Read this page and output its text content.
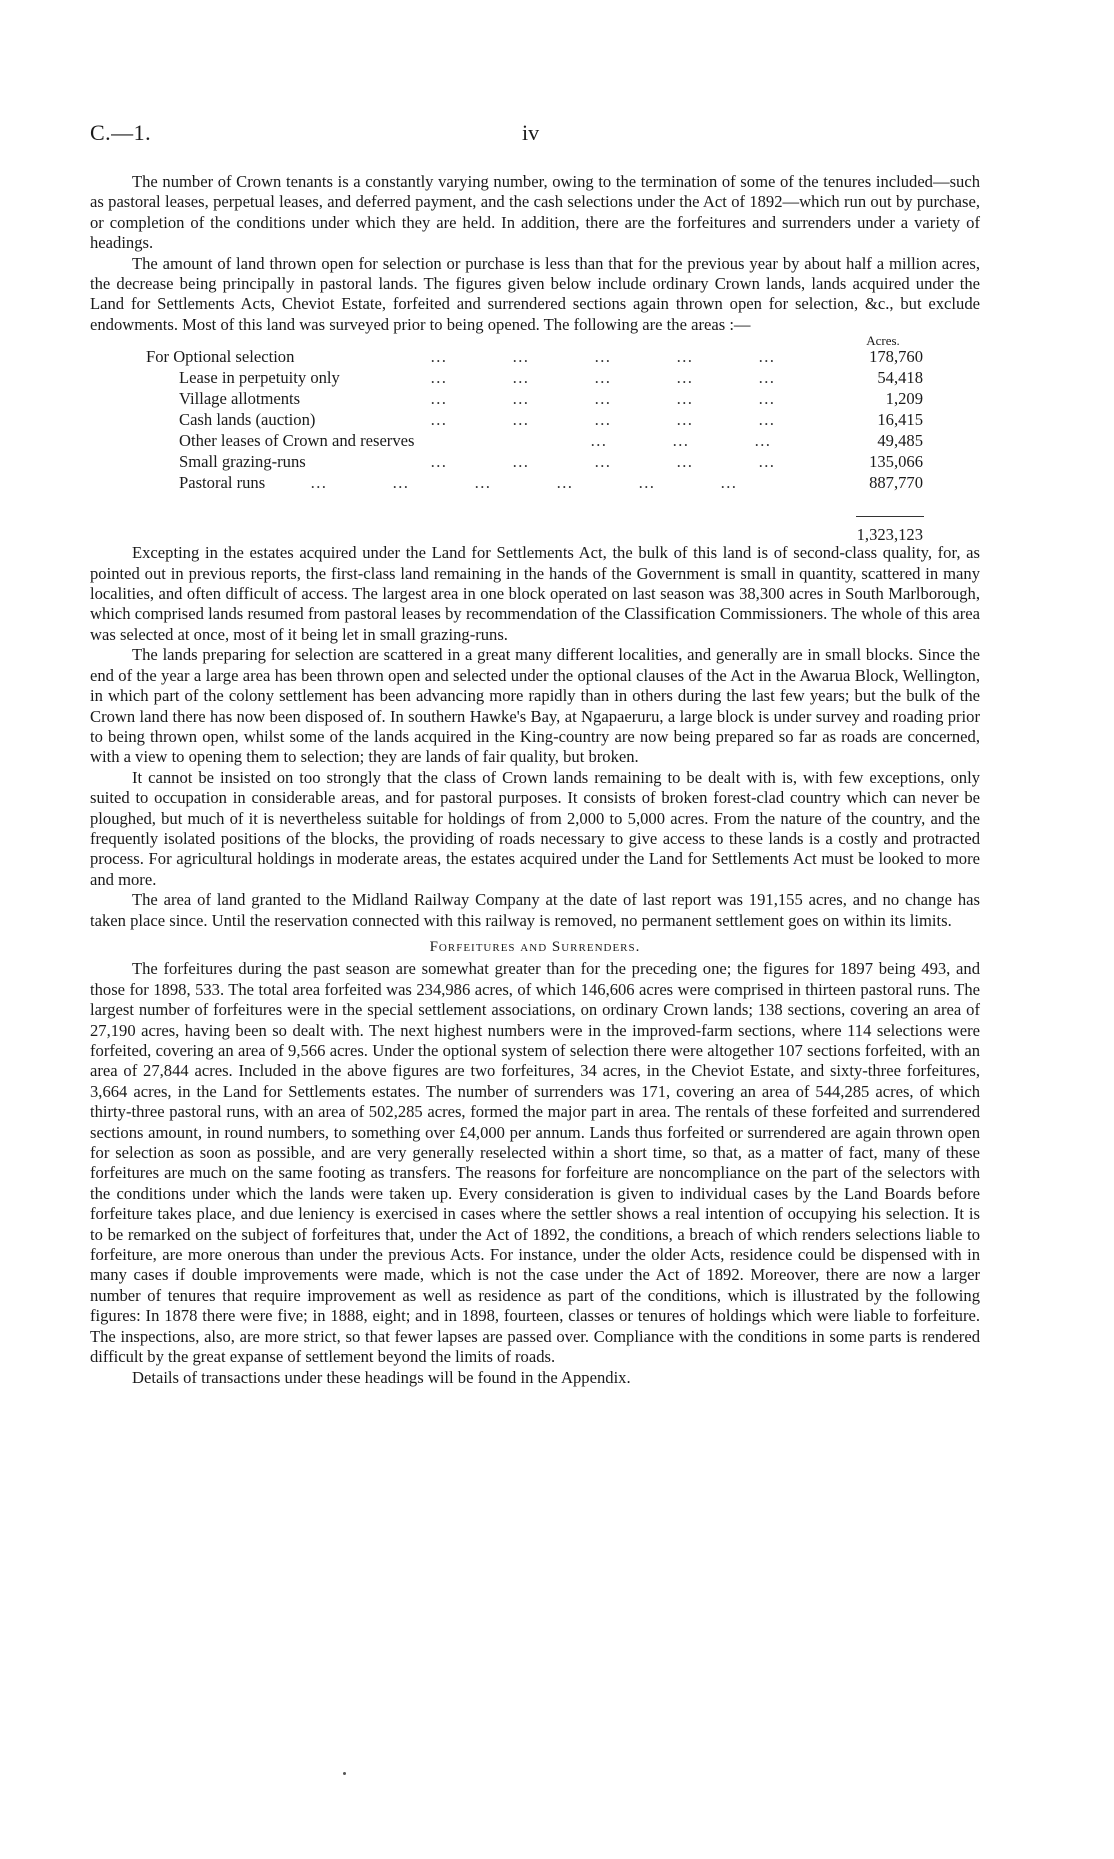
C.—1.	iv

The number of Crown tenants is a constantly varying number, owing to the termination of some of the tenures included—such as pastoral leases, perpetual leases, and deferred payment, and the cash selections under the Act of 1892—which run out by purchase, or completion of the conditions under which they are held. In addition, there are the forfeitures and surrenders under a variety of headings.

The amount of land thrown open for selection or purchase is less than that for the previous year by about half a million acres, the decrease being principally in pastoral lands. The figures given below include ordinary Crown lands, lands acquired under the Land for Settlements Acts, Cheviot Estate, forfeited and surrendered sections again thrown open for selection, &c., but exclude endowments. Most of this land was surveyed prior to being opened. The following are the areas :—

Acres.
For Optional selection	…	…	…	…	…	178,760
Lease in perpetuity only	…	…	…	…	…	54,418
Village allotments	…	…	…	…	…	1,209
Cash lands (auction)	…	…	…	…	…	16,415
Other leases of Crown and reserves	…	…	…	49,485
Small grazing-runs	…	…	…	…	…	135,066
Pastoral runs	…	…	…	…	…	…	887,770
1,323,123

Excepting in the estates acquired under the Land for Settlements Act, the bulk of this land is of second-class quality, for, as pointed out in previous reports, the first-class land remaining in the hands of the Government is small in quantity, scattered in many localities, and often difficult of access. The largest area in one block operated on last season was 38,300 acres in South Marlborough, which comprised lands resumed from pastoral leases by recommendation of the Classification Commissioners. The whole of this area was selected at once, most of it being let in small grazing-runs.

The lands preparing for selection are scattered in a great many different localities, and generally are in small blocks. Since the end of the year a large area has been thrown open and selected under the optional clauses of the Act in the Awarua Block, Wellington, in which part of the colony settlement has been advancing more rapidly than in others during the last few years; but the bulk of the Crown land there has now been disposed of. In southern Hawke's Bay, at Ngapaeruru, a large block is under survey and roading prior to being thrown open, whilst some of the lands acquired in the King-country are now being prepared so far as roads are concerned, with a view to opening them to selection; they are lands of fair quality, but broken.

It cannot be insisted on too strongly that the class of Crown lands remaining to be dealt with is, with few exceptions, only suited to occupation in considerable areas, and for pastoral purposes. It consists of broken forest-clad country which can never be ploughed, but much of it is nevertheless suitable for holdings of from 2,000 to 5,000 acres. From the nature of the country, and the frequently isolated positions of the blocks, the providing of roads necessary to give access to these lands is a costly and protracted process. For agricultural holdings in moderate areas, the estates acquired under the Land for Settlements Act must be looked to more and more.

The area of land granted to the Midland Railway Company at the date of last report was 191,155 acres, and no change has taken place since. Until the reservation connected with this railway is removed, no permanent settlement goes on within its limits.

Forfeitures and Surrenders.

The forfeitures during the past season are somewhat greater than for the preceding one; the figures for 1897 being 493, and those for 1898, 533. The total area forfeited was 234,986 acres, of which 146,606 acres were comprised in thirteen pastoral runs. The largest number of forfeitures were in the special settlement associations, on ordinary Crown lands; 138 sections, covering an area of 27,190 acres, having been so dealt with. The next highest numbers were in the improved-farm sections, where 114 selections were forfeited, covering an area of 9,566 acres. Under the optional system of selection there were altogether 107 sections forfeited, with an area of 27,844 acres. Included in the above figures are two forfeitures, 34 acres, in the Cheviot Estate, and sixty-three forfeitures, 3,664 acres, in the Land for Settlements estates. The number of surrenders was 171, covering an area of 544,285 acres, of which thirty-three pastoral runs, with an area of 502,285 acres, formed the major part in area. The rentals of these forfeited and surrendered sections amount, in round numbers, to something over £4,000 per annum. Lands thus forfeited or surrendered are again thrown open for selection as soon as possible, and are very generally reselected within a short time, so that, as a matter of fact, many of these forfeitures are much on the same footing as transfers. The reasons for forfeiture are noncompliance on the part of the selectors with the conditions under which the lands were taken up. Every consideration is given to individual cases by the Land Boards before forfeiture takes place, and due leniency is exercised in cases where the settler shows a real intention of occupying his selection. It is to be remarked on the subject of forfeitures that, under the Act of 1892, the conditions, a breach of which renders selections liable to forfeiture, are more onerous than under the previous Acts. For instance, under the older Acts, residence could be dispensed with in many cases if double improvements were made, which is not the case under the Act of 1892. Moreover, there are now a larger number of tenures that require improvement as well as residence as part of the conditions, which is illustrated by the following figures: In 1878 there were five; in 1888, eight; and in 1898, fourteen, classes or tenures of holdings which were liable to forfeiture. The inspections, also, are more strict, so that fewer lapses are passed over. Compliance with the conditions in some parts is rendered difficult by the great expanse of settlement beyond the limits of roads.

Details of transactions under these headings will be found in the Appendix.
